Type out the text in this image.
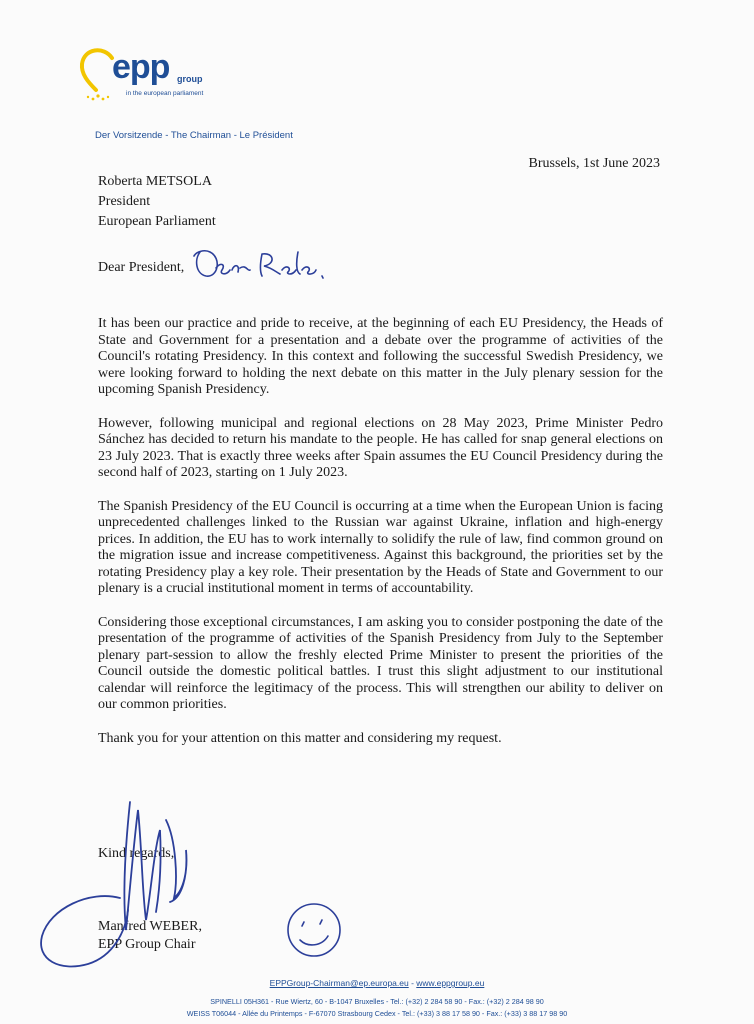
epp group
in the european parliament
Der Vorsitzende - The Chairman - Le Président
Brussels, 1st June 2023
Roberta METSOLA
President
European Parliament
Dear President,

It has been our practice and pride to receive, at the beginning of each EU Presidency, the Heads of State and Government for a presentation and a debate over the programme of activities of the Council's rotating Presidency. In this context and following the successful Swedish Presidency, we were looking forward to holding the next debate on this matter in the July plenary session for the upcoming Spanish Presidency.

However, following municipal and regional elections on 28 May 2023, Prime Minister Pedro Sánchez has decided to return his mandate to the people. He has called for snap general elections on 23 July 2023. That is exactly three weeks after Spain assumes the EU Council Presidency during the second half of 2023, starting on 1 July 2023.

The Spanish Presidency of the EU Council is occurring at a time when the European Union is facing unprecedented challenges linked to the Russian war against Ukraine, inflation and high-energy prices. In addition, the EU has to work internally to solidify the rule of law, find common ground on the migration issue and increase competitiveness. Against this background, the priorities set by the rotating Presidency play a key role. Their presentation by the Heads of State and Government to our plenary is a crucial institutional moment in terms of accountability.

Considering those exceptional circumstances, I am asking you to consider postponing the date of the presentation of the programme of activities of the Spanish Presidency from July to the September plenary part-session to allow the freshly elected Prime Minister to present the priorities of the Council outside the domestic political battles. I trust this slight adjustment to our institutional calendar will reinforce the legitimacy of the process. This will strengthen our ability to deliver on our common priorities.

Thank you for your attention on this matter and considering my request.

Kind regards,
Manfred WEBER,
EPP Group Chair
EPPGroup-Chairman@ep.europa.eu - www.eppgroup.eu
SPINELLI 05H361 - Rue Wiertz, 60 - B-1047 Bruxelles - Tel.: (+32) 2 284 58 90 - Fax.: (+32) 2 284 98 90
WEISS T06044 - Allée du Printemps - F-67070 Strasbourg Cedex - Tel.: (+33) 3 88 17 58 90 - Fax.: (+33) 3 88 17 98 90
